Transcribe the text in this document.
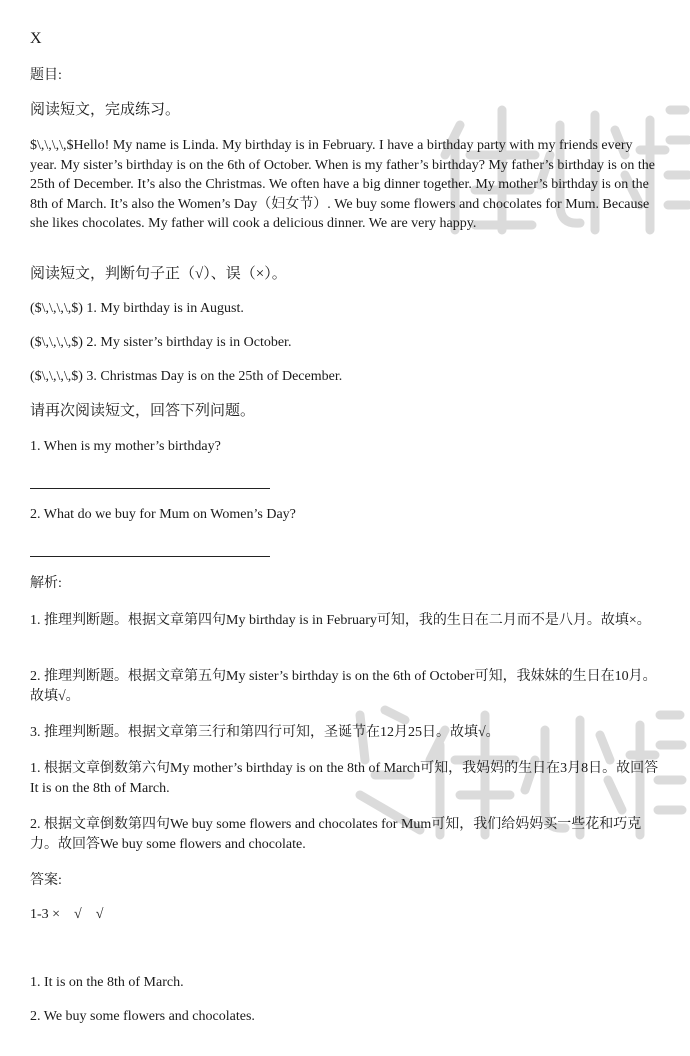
X
题目:
阅读短文，完成练习。
$\,\,\,\,$Hello! My name is Linda. My birthday is in February. I have a birthday party with my friends every year. My sister’s birthday is on the 6th of October. When is my father’s birthday? My father’s birthday is on the 25th of December. It’s also the Christmas. We often have a big dinner together. My mother’s birthday is on the 8th of March. It’s also the Women’s Day（妇女节）. We buy some flowers and chocolates for Mum. Because she likes chocolates. My father will cook a delicious dinner. We are very happy.
阅读短文，判断句子正（√）、误（×）。
($\,\,\,\,$) 1. My birthday is in August.
($\,\,\,\,$) 2. My sister’s birthday is in October.
($\,\,\,\,$) 3. Christmas Day is on the 25th of December.
请再次阅读短文，回答下列问题。
1. When is my mother’s birthday?
2. What do we buy for Mum on Women’s Day?
解析:
1. 推理判断题。根据文章第四句My birthday is in February可知，我的生日在二月而不是八月。故填×。
2. 推理判断题。根据文章第五句My sister’s birthday is on the 6th of October可知，我妹妹的生日在10月。故填√。
3. 推理判断题。根据文章第三行和第四行可知，圣诞节在12月25日。故填√。
1. 根据文章倒数第六句My mother’s birthday is on the 8th of March可知，我妈妈的生日在3月8日。故回答It is on the 8th of March.
2. 根据文章倒数第四句We buy some flowers and chocolates for Mum可知，我们给妈妈买一些花和巧克力。故回答We buy some flowers and chocolate.
答案:
1-3 ×　√　√
1. It is on the 8th of March.
2. We buy some flowers and chocolates.
